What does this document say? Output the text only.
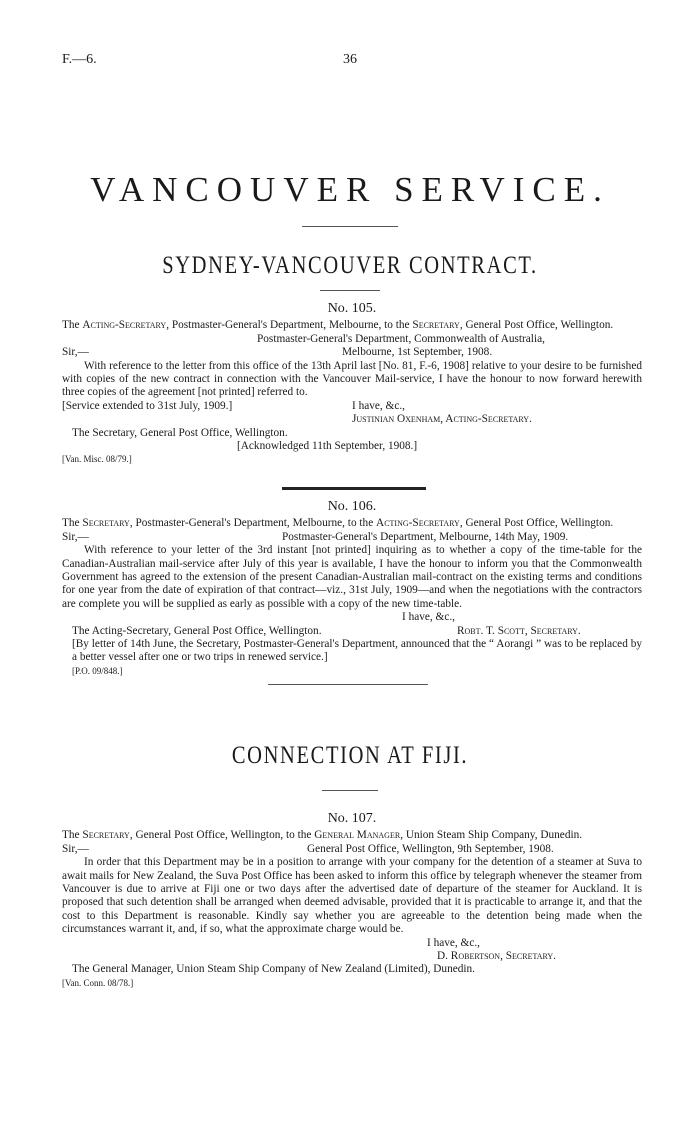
F.—6.	36
VANCOUVER SERVICE.
SYDNEY-VANCOUVER CONTRACT.
No. 105.
The Acting-Secretary, Postmaster-General's Department, Melbourne, to the Secretary, General Post Office, Wellington.
Postmaster-General's Department, Commonwealth of Australia,
Sir,—	Melbourne, 1st September, 1908.
With reference to the letter from this office of the 13th April last [No. 81, F.-6, 1908] relative to your desire to be furnished with copies of the new contract in connection with the Vancouver Mail-service, I have the honour to now forward herewith three copies of the agreement [not printed] referred to.
[Service extended to 31st July, 1909.]	I have, &c.,
Justinian Oxenham, Acting-Secretary.
The Secretary, General Post Office, Wellington.
[Acknowledged 11th September, 1908.]
[Van. Misc. 08/79.]
No. 106.
The Secretary, Postmaster-General's Department, Melbourne, to the Acting-Secretary, General Post Office, Wellington.
Sir,—	Postmaster-General's Department, Melbourne, 14th May, 1909.
With reference to your letter of the 3rd instant [not printed] inquiring as to whether a copy of the time-table for the Canadian-Australian mail-service after July of this year is available, I have the honour to inform you that the Commonwealth Government has agreed to the extension of the present Canadian-Australian mail-contract on the existing terms and conditions for one year from the date of expiration of that contract—viz., 31st July, 1909—and when the negotiations with the contractors are complete you will be supplied as early as possible with a copy of the new time-table.
I have, &c.,
The Acting-Secretary, General Post Office, Wellington.	Robt. T. Scott, Secretary.
[By letter of 14th June, the Secretary, Postmaster-General's Department, announced that the “ Aorangi ” was to be replaced by a better vessel after one or two trips in renewed service.]
[P.O. 09/848.]
CONNECTION AT FIJI.
No. 107.
The Secretary, General Post Office, Wellington, to the General Manager, Union Steam Ship Company, Dunedin.
Sir,—	General Post Office, Wellington, 9th September, 1908.
In order that this Department may be in a position to arrange with your company for the detention of a steamer at Suva to await mails for New Zealand, the Suva Post Office has been asked to inform this office by telegraph whenever the steamer from Vancouver is due to arrive at Fiji one or two days after the advertised date of departure of the steamer for Auckland. It is proposed that such detention shall be arranged when deemed advisable, provided that it is practicable to arrange it, and that the cost to this Department is reasonable. Kindly say whether you are agreeable to the detention being made when the circumstances warrant it, and, if so, what the approximate charge would be.
I have, &c.,
D. Robertson, Secretary.
The General Manager, Union Steam Ship Company of New Zealand (Limited), Dunedin.
[Van. Conn. 08/78.]
